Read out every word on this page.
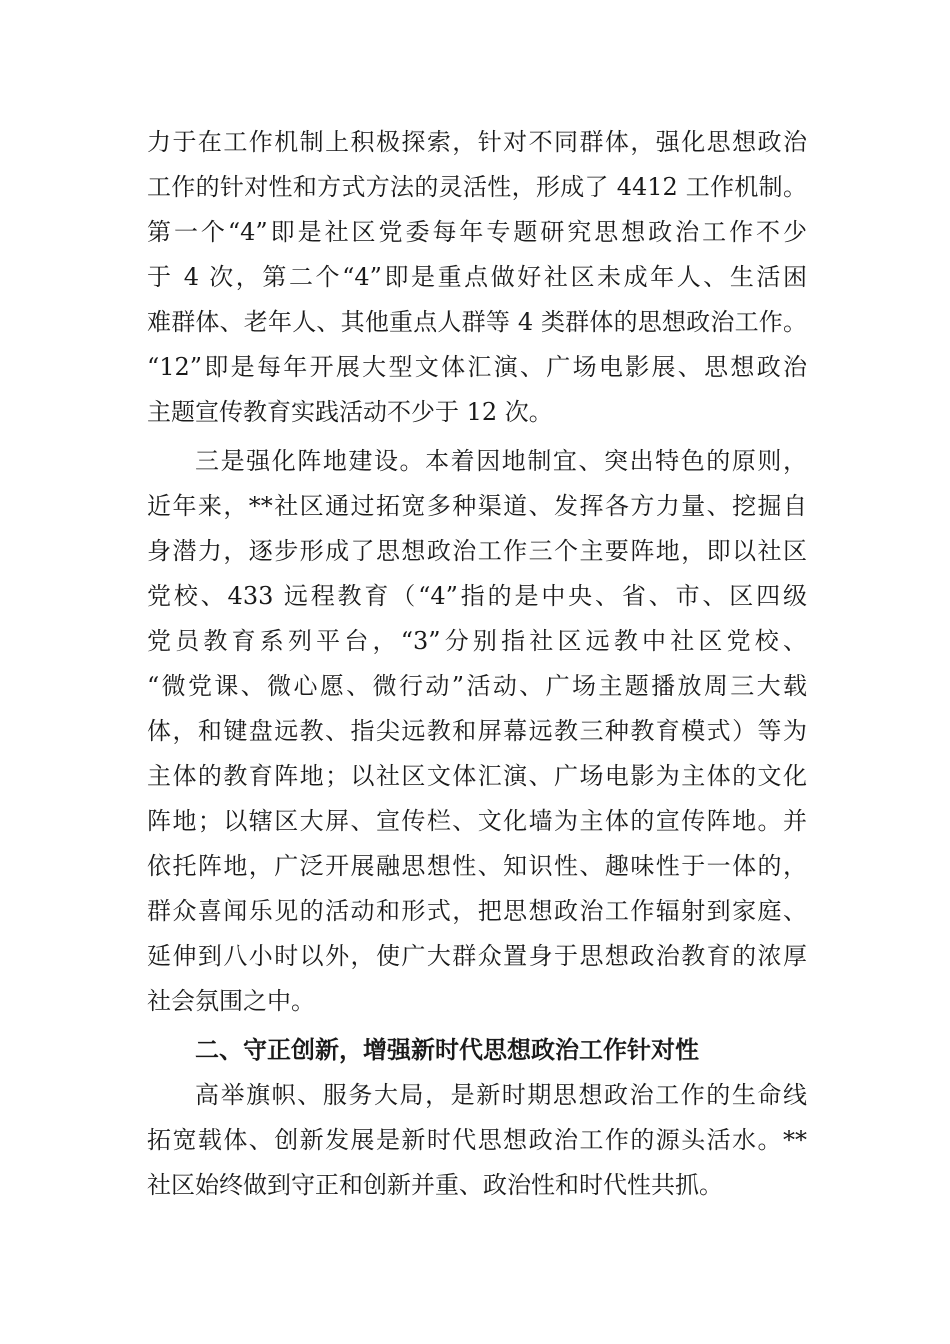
力于在工作机制上积极探索，针对不同群体，强化思想政治
工作的针对性和方式方法的灵活性，形成了 4412 工作机制。
第一个“4”即是社区党委每年专题研究思想政治工作不少
于 4 次，第二个“4”即是重点做好社区未成年人、生活困
难群体、老年人、其他重点人群等 4 类群体的思想政治工作。
“12”即是每年开展大型文体汇演、广场电影展、思想政治
主题宣传教育实践活动不少于 12 次。
三是强化阵地建设。本着因地制宜、突出特色的原则，
近年来，**社区通过拓宽多种渠道、发挥各方力量、挖掘自
身潜力，逐步形成了思想政治工作三个主要阵地，即以社区
党校、433 远程教育（“4”指的是中央、省、市、区四级
党员教育系列平台，“3”分别指社区远教中社区党校、
“微党课、微心愿、微行动”活动、广场主题播放周三大载
体，和键盘远教、指尖远教和屏幕远教三种教育模式）等为
主体的教育阵地；以社区文体汇演、广场电影为主体的文化
阵地；以辖区大屏、宣传栏、文化墙为主体的宣传阵地。并
依托阵地，广泛开展融思想性、知识性、趣味性于一体的，
群众喜闻乐见的活动和形式，把思想政治工作辐射到家庭、
延伸到八小时以外，使广大群众置身于思想政治教育的浓厚
社会氛围之中。
二、守正创新，增强新时代思想政治工作针对性
高举旗帜、服务大局，是新时期思想政治工作的生命线
拓宽载体、创新发展是新时代思想政治工作的源头活水。**
社区始终做到守正和创新并重、政治性和时代性共抓。
